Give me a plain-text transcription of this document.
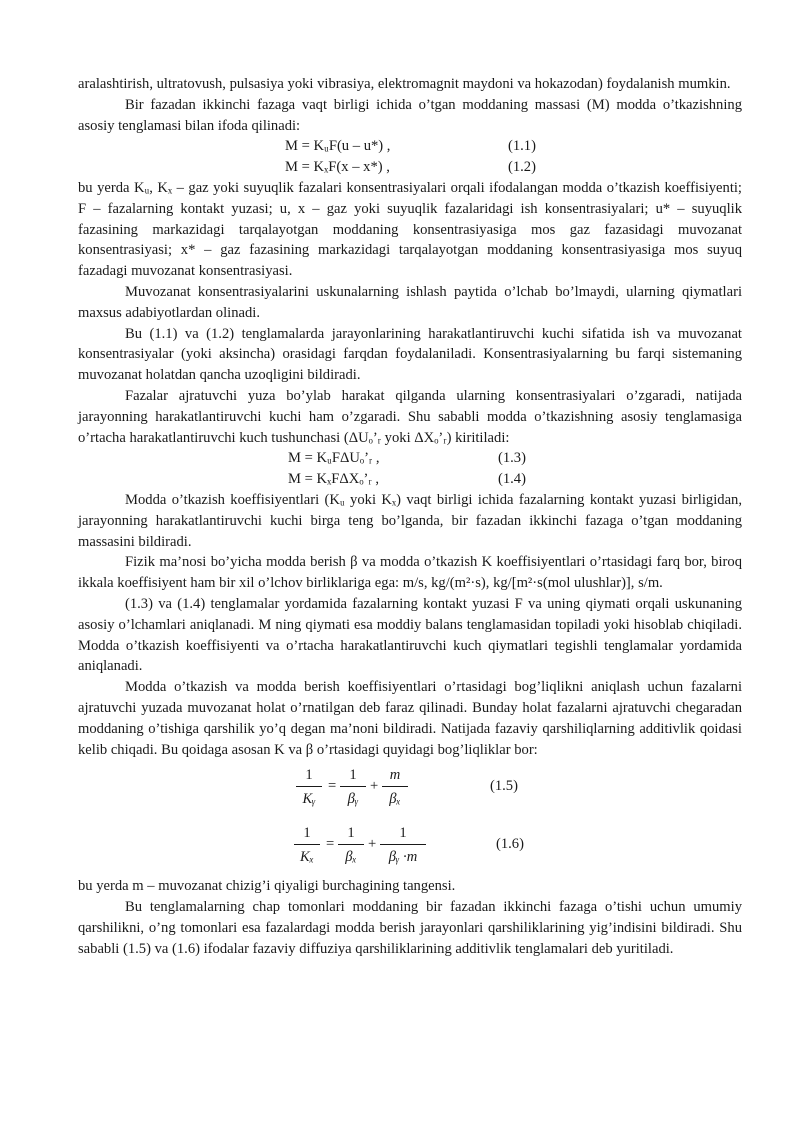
aralashtirish, ultratovush, pulsasiya yoki vibrasiya, elektromagnit maydoni va hokazodan) foydalanish mumkin.

Bir fazadan ikkinchi fazaga vaqt birligi ichida o’tgan moddaning massasi (M) modda o’tkazishning asosiy tenglamasi bilan ifoda qilinadi:

M = KᵤF(u – u*) ,	(1.1)
M = KₓF(x – x*) ,	(1.2)

bu yerda Kᵤ, Kₓ – gaz yoki suyuqlik fazalari konsentrasiyalari orqali ifodalangan modda o’tkazish koeffisiyenti; F – fazalarning kontakt yuzasi; u, x – gaz yoki suyuqlik fazalaridagi ish konsentrasiyalari; u* – suyuqlik fazasining markazidagi tarqalayotgan moddaning konsentrasiyasiga mos gaz fazasidagi muvozanat konsentrasiyasi; x* – gaz fazasining markazidagi tarqalayotgan moddaning konsentrasiyasiga mos suyuq fazadagi muvozanat konsentrasiyasi.

Muvozanat konsentrasiyalarini uskunalarning ishlash paytida o’lchab bo’lmaydi, ularning qiymatlari maxsus adabiyotlardan olinadi.

Bu (1.1) va (1.2) tenglamalarda jarayonlarining harakatlantiruvchi kuchi sifatida ish va muvozanat konsentrasiyalar (yoki aksincha) orasidagi farqdan foydalaniladi. Konsentrasiyalarning bu farqi sistemaning muvozanat holatdan qancha uzoqligini bildiradi.

Fazalar ajratuvchi yuza bo’ylab harakat qilganda ularning konsentrasiyalari o’zgaradi, natijada jarayonning harakatlantiruvchi kuchi ham o’zgaradi. Shu sababli modda o’tkazishning asosiy tenglamasiga o’rtacha harakatlantiruvchi kuch tushunchasi (ΔUₒ’ᵣ yoki ΔXₒ’ᵣ) kiritiladi:

M = KᵤFΔUₒ’ᵣ ,	(1.3)
M = KₓFΔXₒ’ᵣ ,	(1.4)

Modda o’tkazish koeffisiyentlari (Kᵤ yoki Kₓ) vaqt birligi ichida fazalarning kontakt yuzasi birligidan, jarayonning harakatlantiruvchi kuchi birga teng bo’lganda, bir fazadan ikkinchi fazaga o’tgan moddaning massasini bildiradi.

Fizik ma’nosi bo’yicha modda berish β va modda o’tkazish K koeffisiyentlari o’rtasidagi farq bor, biroq ikkala koeffisiyent ham bir xil o’lchov birliklariga ega: m/s, kg/(m²·s), kg/[m²·s(mol ulushlar)], s/m.

(1.3) va (1.4) tenglamalar yordamida fazalarning kontakt yuzasi F va uning qiymati orqali uskunaning asosiy o’lchamlari aniqlanadi. M ning qiymati esa moddiy balans tenglamasidan topiladi yoki hisoblab chiqiladi. Modda o’tkazish koeffisiyenti va o’rtacha harakatlantiruvchi kuch qiymatlari tegishli tenglamalar yordamida aniqlanadi.

Modda o’tkazish va modda berish koeffisiyentlari o’rtasidagi bog’liqlikni aniqlash uchun fazalarni ajratuvchi yuzada muvozanat holat o’rnatilgan deb faraz qilinadi. Bunday holat fazalarni ajratuvchi chegaradan moddaning o’tishiga qarshilik yo’q degan ma’noni bildiradi. Natijada fazaviy qarshiliqlarning additivlik qoidasi kelib chiqadi. Bu qoidaga asosan K va β o’rtasidagi quyidagi bog’liqliklar bor:

1
Kᵧ
=
1
βᵧ
+
m
βₓ
(1.5)
1
Kₓ
=
1
βₓ
+
1
βᵧ ·m
(1.6)

bu yerda m – muvozanat chizig’i qiyaligi burchagining tangensi.

Bu tenglamalarning chap tomonlari moddaning bir fazadan ikkinchi fazaga o’tishi uchun umumiy qarshilikni, o’ng tomonlari esa fazalardagi modda berish jarayonlari qarshiliklarining yig’indisini bildiradi. Shu sababli (1.5) va (1.6) ifodalar fazaviy diffuziya qarshiliklarining additivlik tenglamalari deb yuritiladi.
